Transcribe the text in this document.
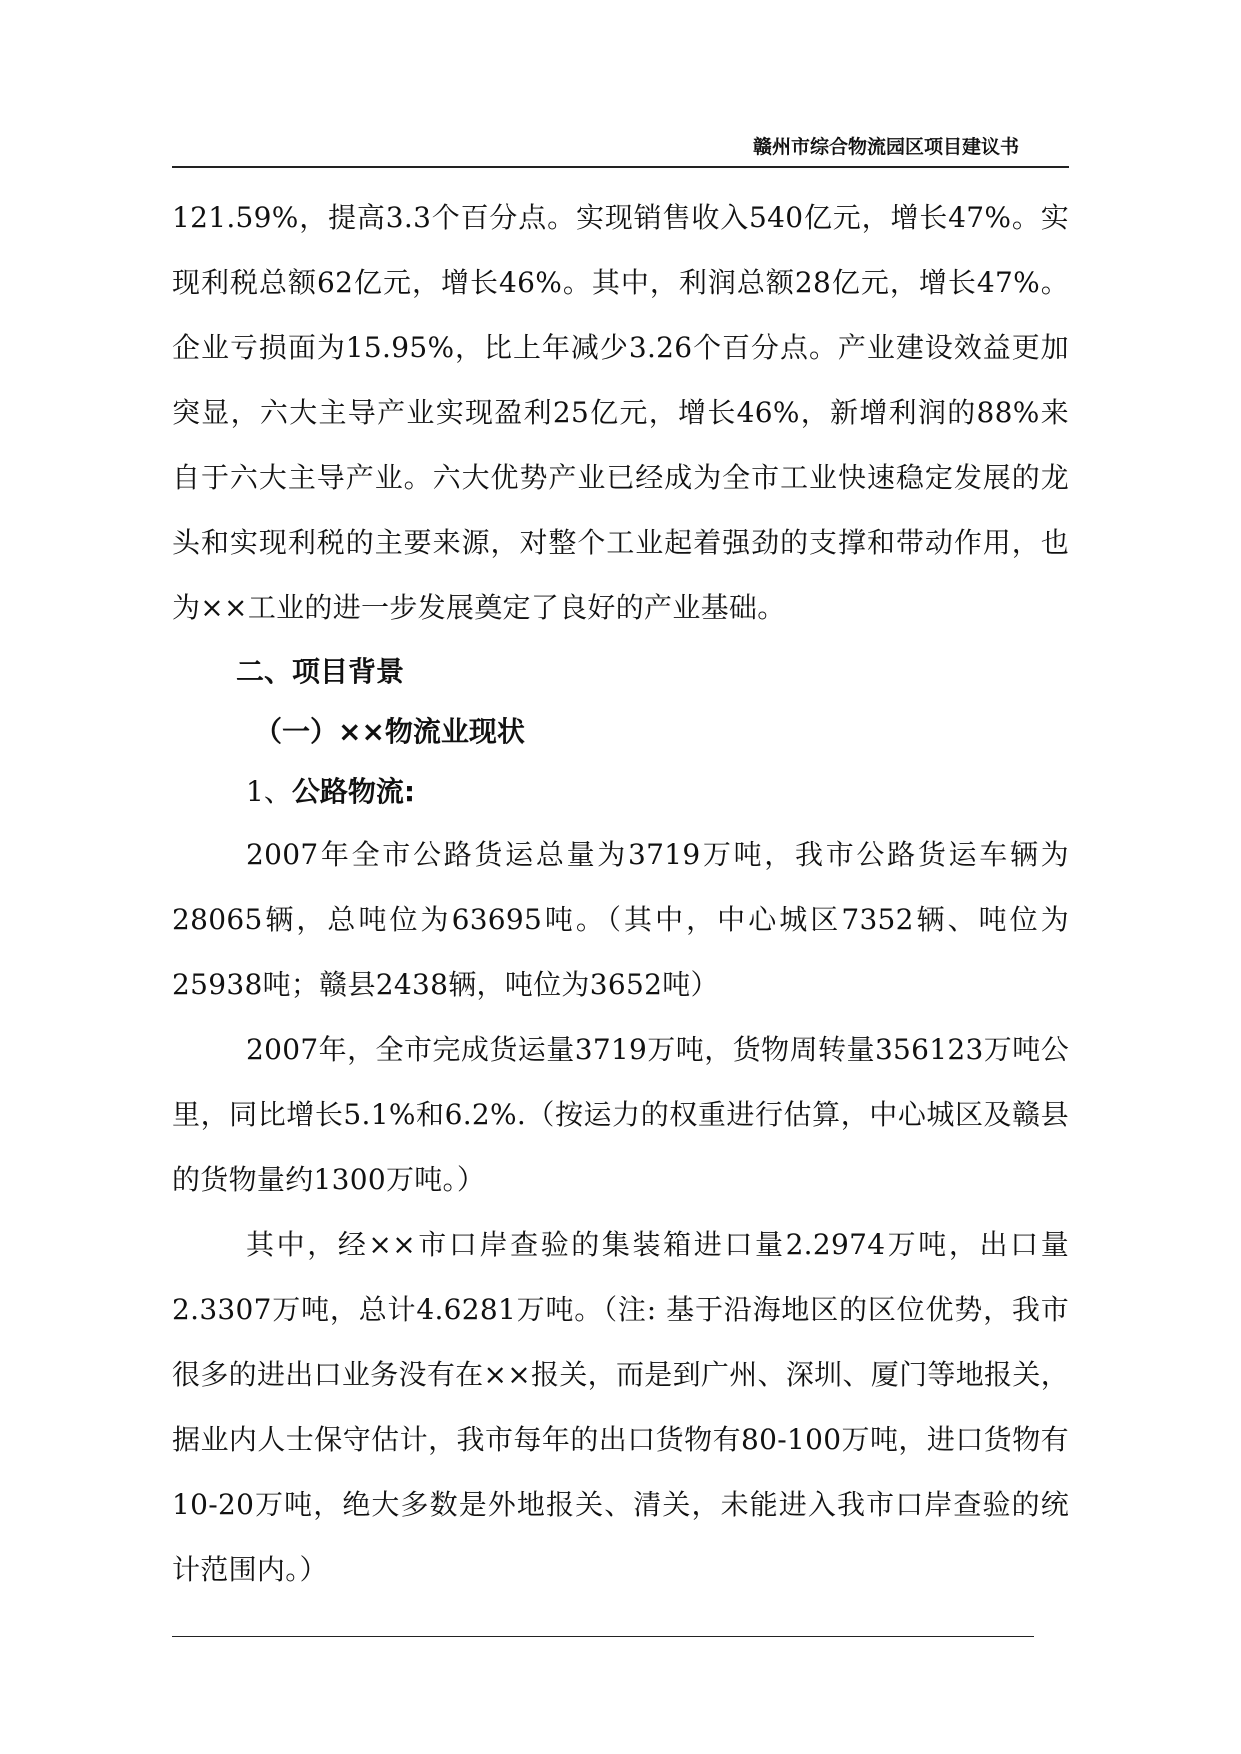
赣州市综合物流园区项目建议书

121.59%，提高3.3个百分点。实现销售收入540亿元，增长47%。实现利税总额62亿元，增长46%。其中，利润总额28亿元，增长47%。企业亏损面为15.95%，比上年减少3.26个百分点。产业建设效益更加突显，六大主导产业实现盈利25亿元，增长46%，新增利润的88%来自于六大主导产业。六大优势产业已经成为全市工业快速稳定发展的龙头和实现利税的主要来源，对整个工业起着强劲的支撑和带动作用，也为××工业的进一步发展奠定了良好的产业基础。

二、项目背景

（一）××物流业现状

1、公路物流:

2007年全市公路货运总量为3719万吨，我市公路货运车辆为28065辆，总吨位为63695吨。（其中，中心城区7352辆、吨位为25938吨；赣县2438辆，吨位为3652吨）

2007年，全市完成货运量3719万吨，货物周转量356123万吨公里，同比增长5.1%和6.2%.（按运力的权重进行估算，中心城区及赣县的货物量约1300万吨。）

其中，经××市口岸查验的集装箱进口量2.2974万吨，出口量2.3307万吨，总计4.6281万吨。（注: 基于沿海地区的区位优势，我市很多的进出口业务没有在××报关，而是到广州、深圳、厦门等地报关，据业内人士保守估计，我市每年的出口货物有80-100万吨，进口货物有10-20万吨，绝大多数是外地报关、清关，未能进入我市口岸查验的统计范围内。）
